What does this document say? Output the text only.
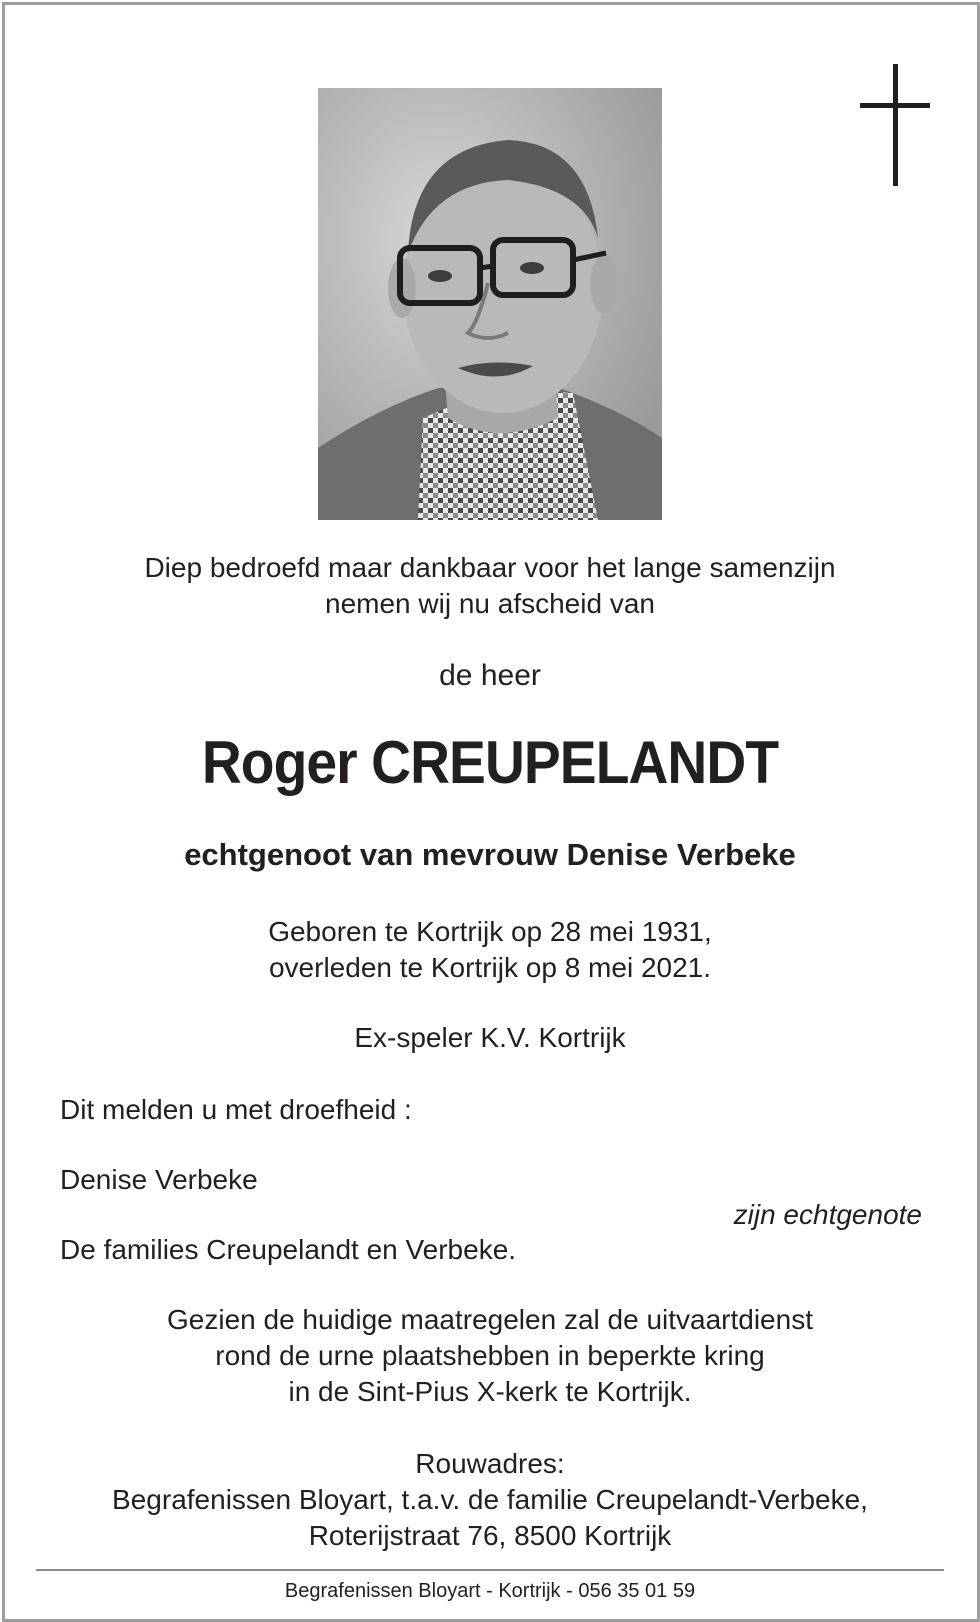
Diep bedroefd maar dankbaar voor het lange samenzijn
nemen wij nu afscheid van
de heer
Roger CREUPELANDT
echtgenoot van mevrouw Denise Verbeke
Geboren te Kortrijk op 28 mei 1931,
overleden te Kortrijk op 8 mei 2021.
Ex-speler K.V. Kortrijk
Dit melden u met droefheid :
Denise Verbeke
zijn echtgenote
De families Creupelandt en Verbeke.
Gezien de huidige maatregelen zal de uitvaartdienst
rond de urne plaatshebben in beperkte kring
in de Sint-Pius X-kerk te Kortrijk.
Rouwadres:
Begrafenissen Bloyart, t.a.v. de familie Creupelandt-Verbeke,
Roterijstraat 76, 8500 Kortrijk
Begrafenissen Bloyart - Kortrijk - 056 35 01 59
